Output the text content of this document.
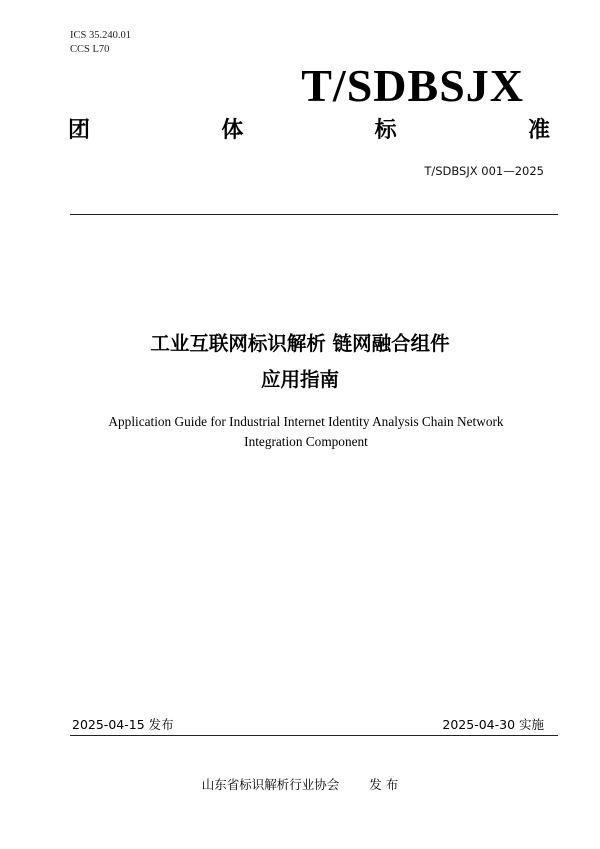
ICS 35.240.01
CCS L70
T/SDBSJX
团	体	标	准
T/SDBSJX 001—2025
工业互联网标识解析 链网融合组件
应用指南
Application Guide for Industrial Internet Identity Analysis Chain Network
Integration Component
2025-04-15 发布	2025-04-30 实施
山东省标识解析行业协会 发 布
